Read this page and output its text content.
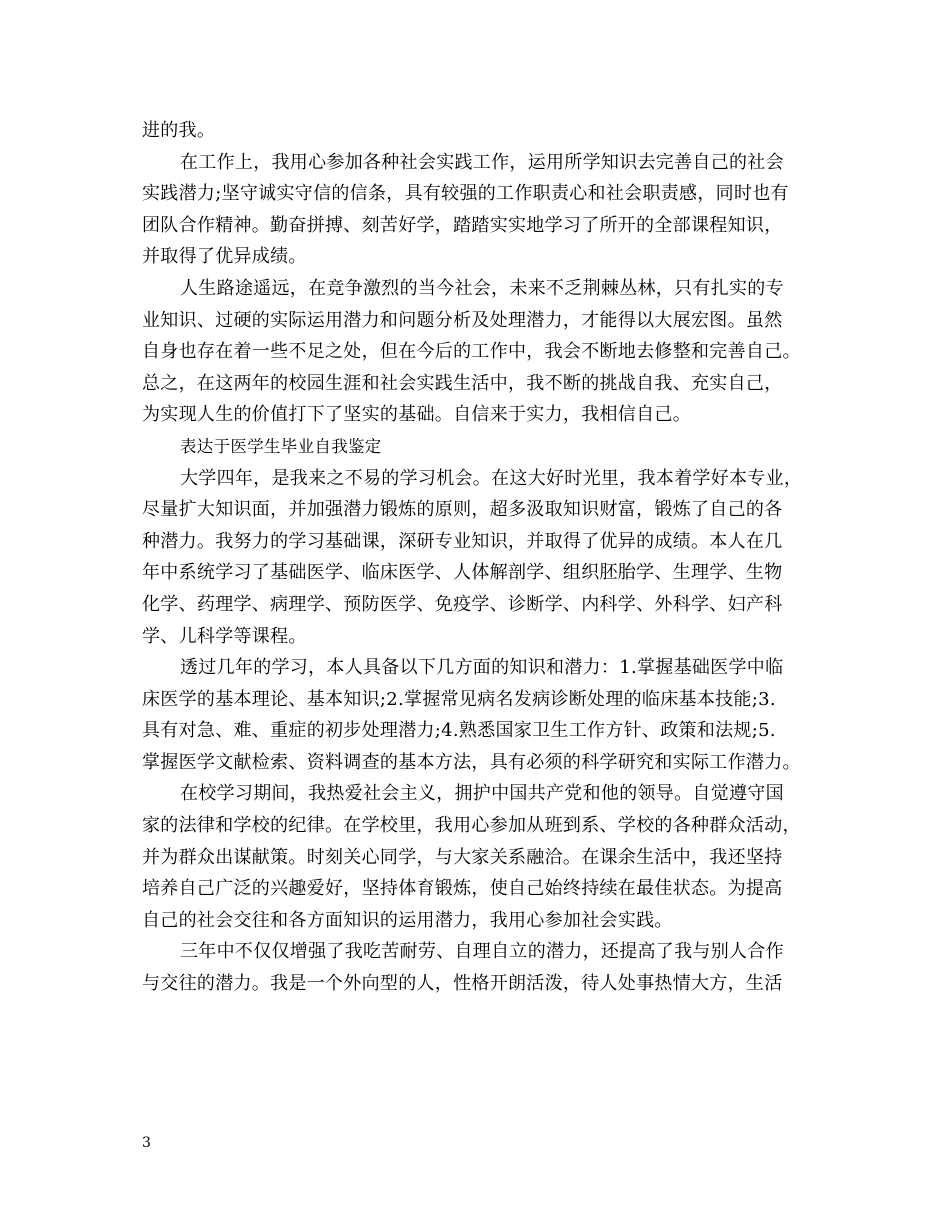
进的我。
在工作上，我用心参加各种社会实践工作，运用所学知识去完善自己的社会
实践潜力;坚守诚实守信的信条，具有较强的工作职责心和社会职责感，同时也有
团队合作精神。勤奋拼搏、刻苦好学，踏踏实实地学习了所开的全部课程知识，
并取得了优异成绩。
人生路途遥远，在竞争激烈的当今社会，未来不乏荆棘丛林，只有扎实的专
业知识、过硬的实际运用潜力和问题分析及处理潜力，才能得以大展宏图。虽然
自身也存在着一些不足之处，但在今后的工作中，我会不断地去修整和完善自己。
总之，在这两年的校园生涯和社会实践生活中，我不断的挑战自我、充实自己，
为实现人生的价值打下了坚实的基础。自信来于实力，我相信自己。
表达于医学生毕业自我鉴定
大学四年，是我来之不易的学习机会。在这大好时光里，我本着学好本专业，
尽量扩大知识面，并加强潜力锻炼的原则，超多汲取知识财富，锻炼了自己的各
种潜力。我努力的学习基础课，深研专业知识，并取得了优异的成绩。本人在几
年中系统学习了基础医学、临床医学、人体解剖学、组织胚胎学、生理学、生物
化学、药理学、病理学、预防医学、免疫学、诊断学、内科学、外科学、妇产科
学、儿科学等课程。
透过几年的学习，本人具备以下几方面的知识和潜力：1.掌握基础医学中临
床医学的基本理论、基本知识;2.掌握常见病名发病诊断处理的临床基本技能;3.
具有对急、难、重症的初步处理潜力;4.熟悉国家卫生工作方针、政策和法规;5.
掌握医学文献检索、资料调查的基本方法，具有必须的科学研究和实际工作潜力。
在校学习期间，我热爱社会主义，拥护中国共产党和他的领导。自觉遵守国
家的法律和学校的纪律。在学校里，我用心参加从班到系、学校的各种群众活动，
并为群众出谋献策。时刻关心同学，与大家关系融洽。在课余生活中，我还坚持
培养自己广泛的兴趣爱好，坚持体育锻炼，使自己始终持续在最佳状态。为提高
自己的社会交往和各方面知识的运用潜力，我用心参加社会实践。
三年中不仅仅增强了我吃苦耐劳、自理自立的潜力，还提高了我与别人合作
与交往的潜力。我是一个外向型的人，性格开朗活泼，待人处事热情大方，生活
3
